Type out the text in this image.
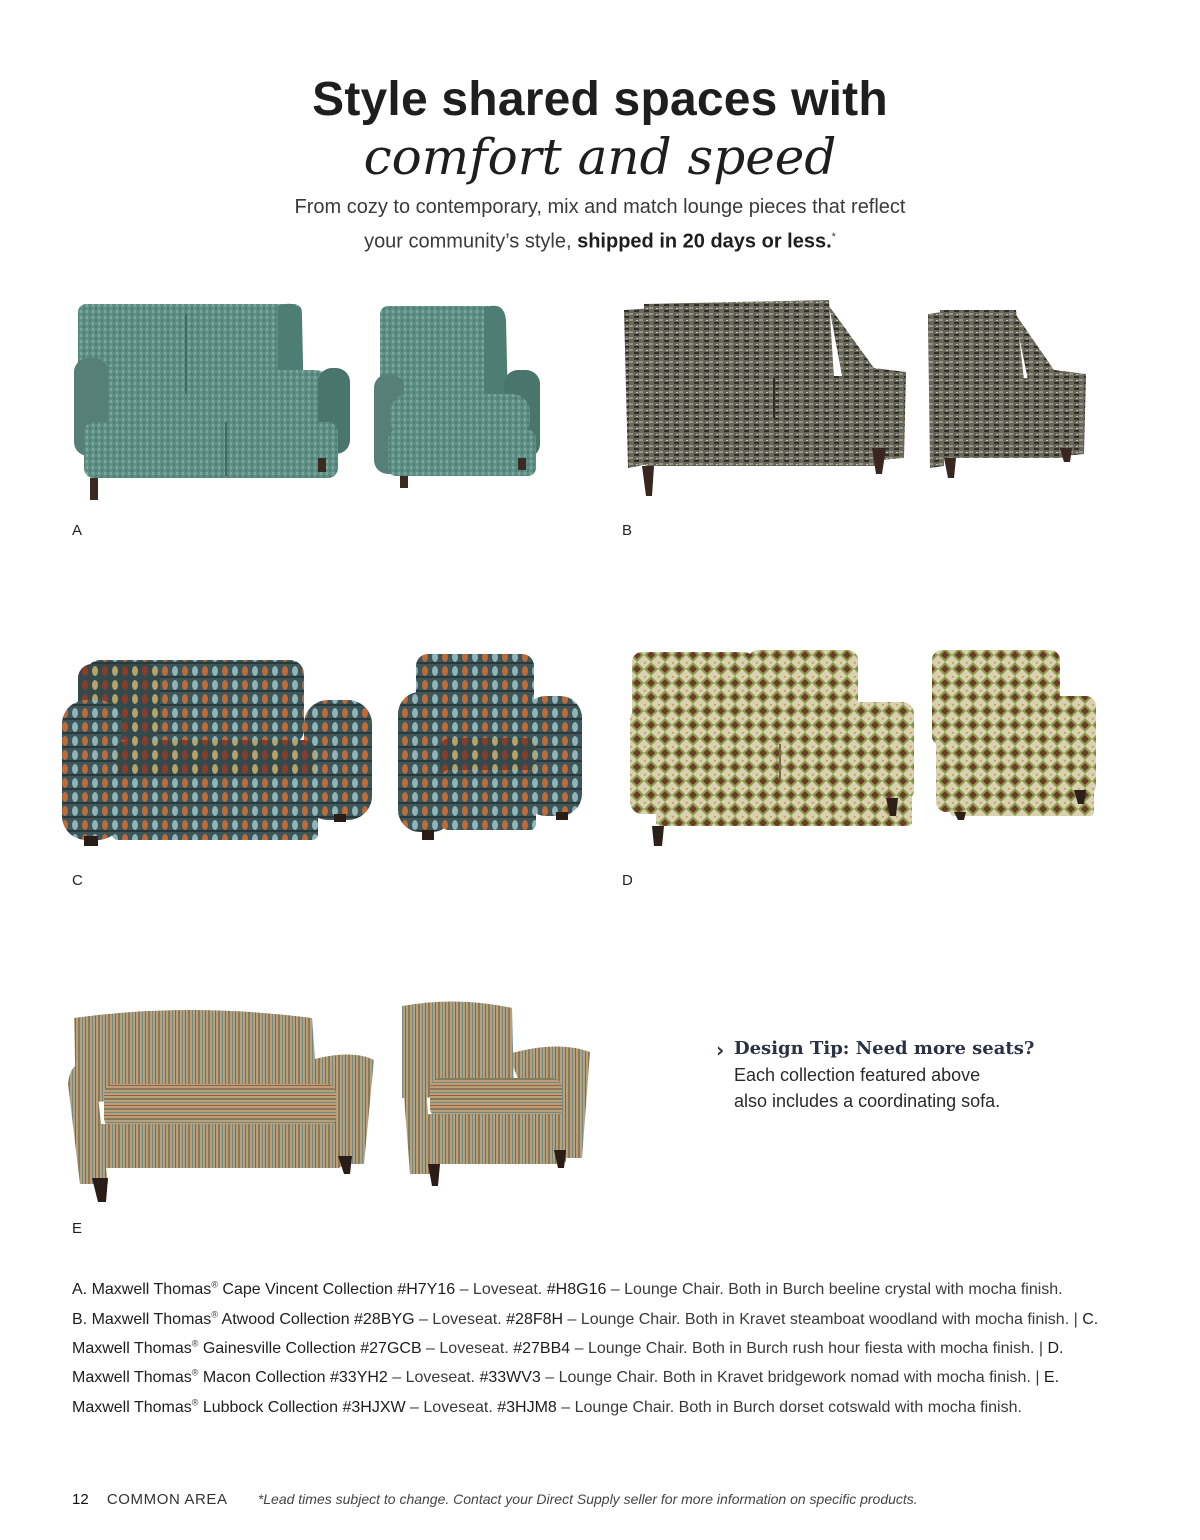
Style shared spaces with
comfort and speed
From cozy to contemporary, mix and match lounge pieces that reflect
your community’s style, shipped in 20 days or less.*
A	B
C	D
E
› Design Tip: Need more seats?
Each collection featured above
also includes a coordinating sofa.
A. Maxwell Thomas® Cape Vincent Collection #H7Y16 – Loveseat. #H8G16 – Lounge Chair. Both in Burch beeline crystal with mocha finish.
B. Maxwell Thomas® Atwood Collection #28BYG – Loveseat. #28F8H – Lounge Chair. Both in Kravet steamboat woodland with mocha finish. | C. Maxwell Thomas® Gainesville Collection #27GCB – Loveseat. #27BB4 – Lounge Chair. Both in Burch rush hour fiesta with mocha finish. | D. Maxwell Thomas® Macon Collection #33YH2 – Loveseat. #33WV3 – Lounge Chair. Both in Kravet bridgework nomad with mocha finish. | E. Maxwell Thomas® Lubbock Collection #3HJXW – Loveseat. #3HJM8 – Lounge Chair. Both in Burch dorset cotswald with mocha finish.
12 COMMON AREA *Lead times subject to change. Contact your Direct Supply seller for more information on specific products.
